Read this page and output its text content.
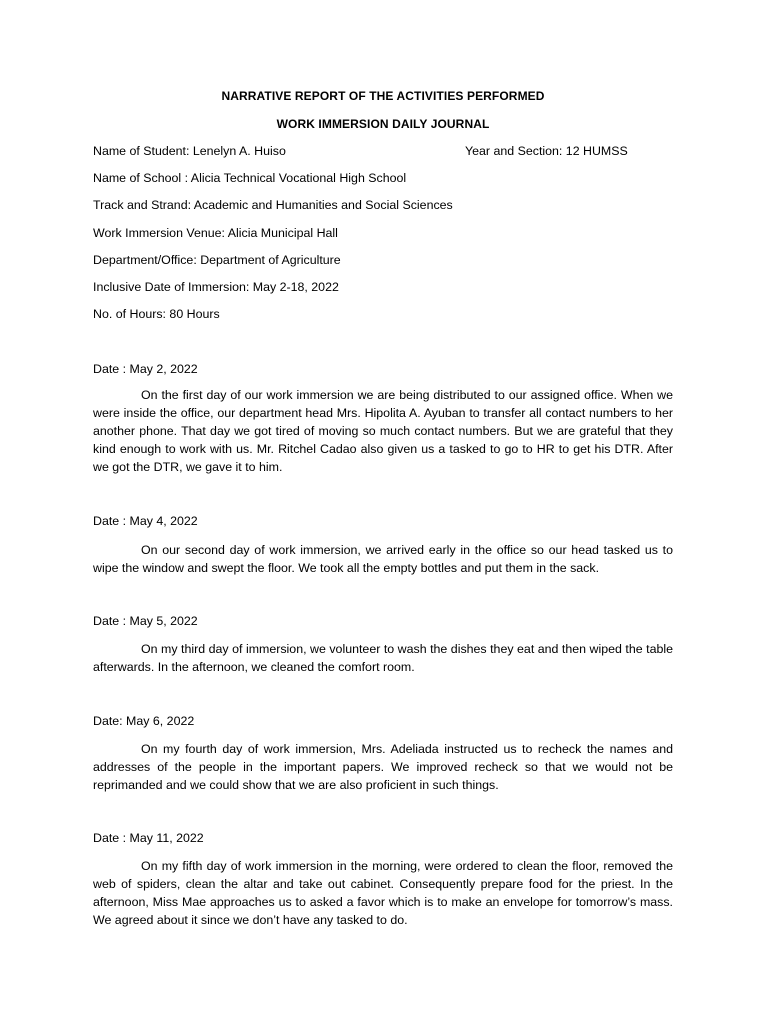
NARRATIVE REPORT OF THE ACTIVITIES PERFORMED
WORK IMMERSION DAILY JOURNAL
Name of Student: Lenelyn A. Huiso	Year and Section: 12 HUMSS
Name of School : Alicia Technical Vocational High School
Track and Strand: Academic and Humanities and Social Sciences
Work Immersion Venue: Alicia Municipal Hall
Department/Office: Department of Agriculture
Inclusive Date of Immersion: May 2-18, 2022
No. of Hours: 80 Hours
Date : May 2, 2022
On the first day of our work immersion we are being distributed to our assigned office. When we were inside the office, our department head Mrs. Hipolita A. Ayuban to transfer all contact numbers to her another phone. That day we got tired of moving so much contact numbers. But we are grateful that they kind enough to work with us. Mr. Ritchel Cadao also given us a tasked to go to HR to get his DTR. After we got the DTR, we gave it to him.
Date : May 4, 2022
On our second day of work immersion, we arrived early in the office so our head tasked us to wipe the window and swept the floor. We took all the empty bottles and put them in the sack.
Date : May 5, 2022
On my third day of immersion, we volunteer to wash the dishes they eat and then wiped the table afterwards. In the afternoon, we cleaned the comfort room.
Date: May 6, 2022
On my fourth day of work immersion, Mrs. Adeliada instructed us to recheck the names and addresses of the people in the important papers. We improved recheck so that we would not be reprimanded and we could show that we are also proficient in such things.
Date : May 11, 2022
On my fifth day of work immersion in the morning, were ordered to clean the floor, removed the web of spiders, clean the altar and take out cabinet. Consequently prepare food for the priest. In the afternoon, Miss Mae approaches us to asked a favor which is to make an envelope for tomorrow’s mass. We agreed about it since we don’t have any tasked to do.
